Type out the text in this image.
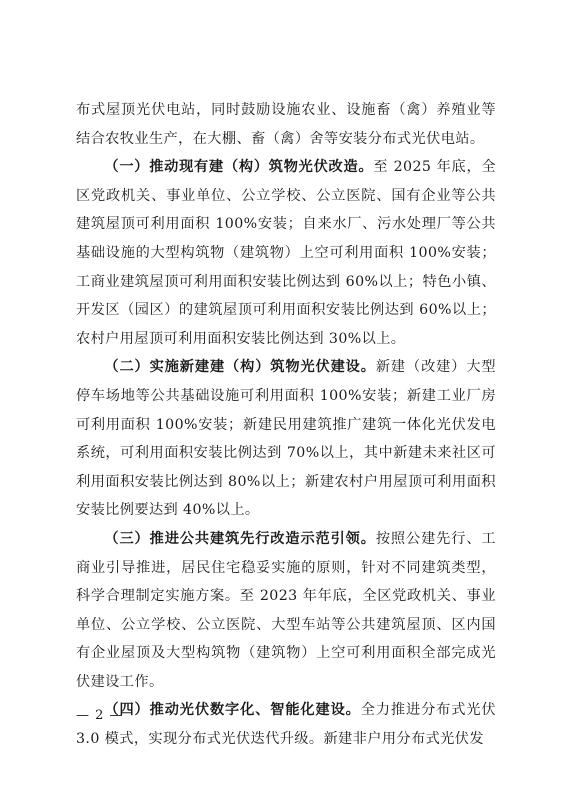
布式屋顶光伏电站，同时鼓励设施农业、设施畜（禽）养殖业等结合农牧业生产，在大棚、畜（禽）舍等安装分布式光伏电站。

（一）推动现有建（构）筑物光伏改造。至 2025 年底，全区党政机关、事业单位、公立学校、公立医院、国有企业等公共建筑屋顶可利用面积 100%安装；自来水厂、污水处理厂等公共基础设施的大型构筑物（建筑物）上空可利用面积 100%安装；工商业建筑屋顶可利用面积安装比例达到 60%以上；特色小镇、开发区（园区）的建筑屋顶可利用面积安装比例达到 60%以上；农村户用屋顶可利用面积安装比例达到 30%以上。

（二）实施新建建（构）筑物光伏建设。新建（改建）大型停车场地等公共基础设施可利用面积 100%安装；新建工业厂房可利用面积 100%安装；新建民用建筑推广建筑一体化光伏发电系统，可利用面积安装比例达到 70%以上，其中新建未来社区可利用面积安装比例达到 80%以上；新建农村户用屋顶可利用面积安装比例要达到 40%以上。

（三）推进公共建筑先行改造示范引领。按照公建先行、工商业引导推进，居民住宅稳妥实施的原则，针对不同建筑类型，科学合理制定实施方案。至 2023 年年底，全区党政机关、事业单位、公立学校、公立医院、大型车站等公共建筑屋顶、区内国有企业屋顶及大型构筑物（建筑物）上空可利用面积全部完成光伏建设工作。

（四）推动光伏数字化、智能化建设。全力推进分布式光伏 3.0 模式，实现分布式光伏迭代升级。新建非户用分布式光伏发

— 2 —
